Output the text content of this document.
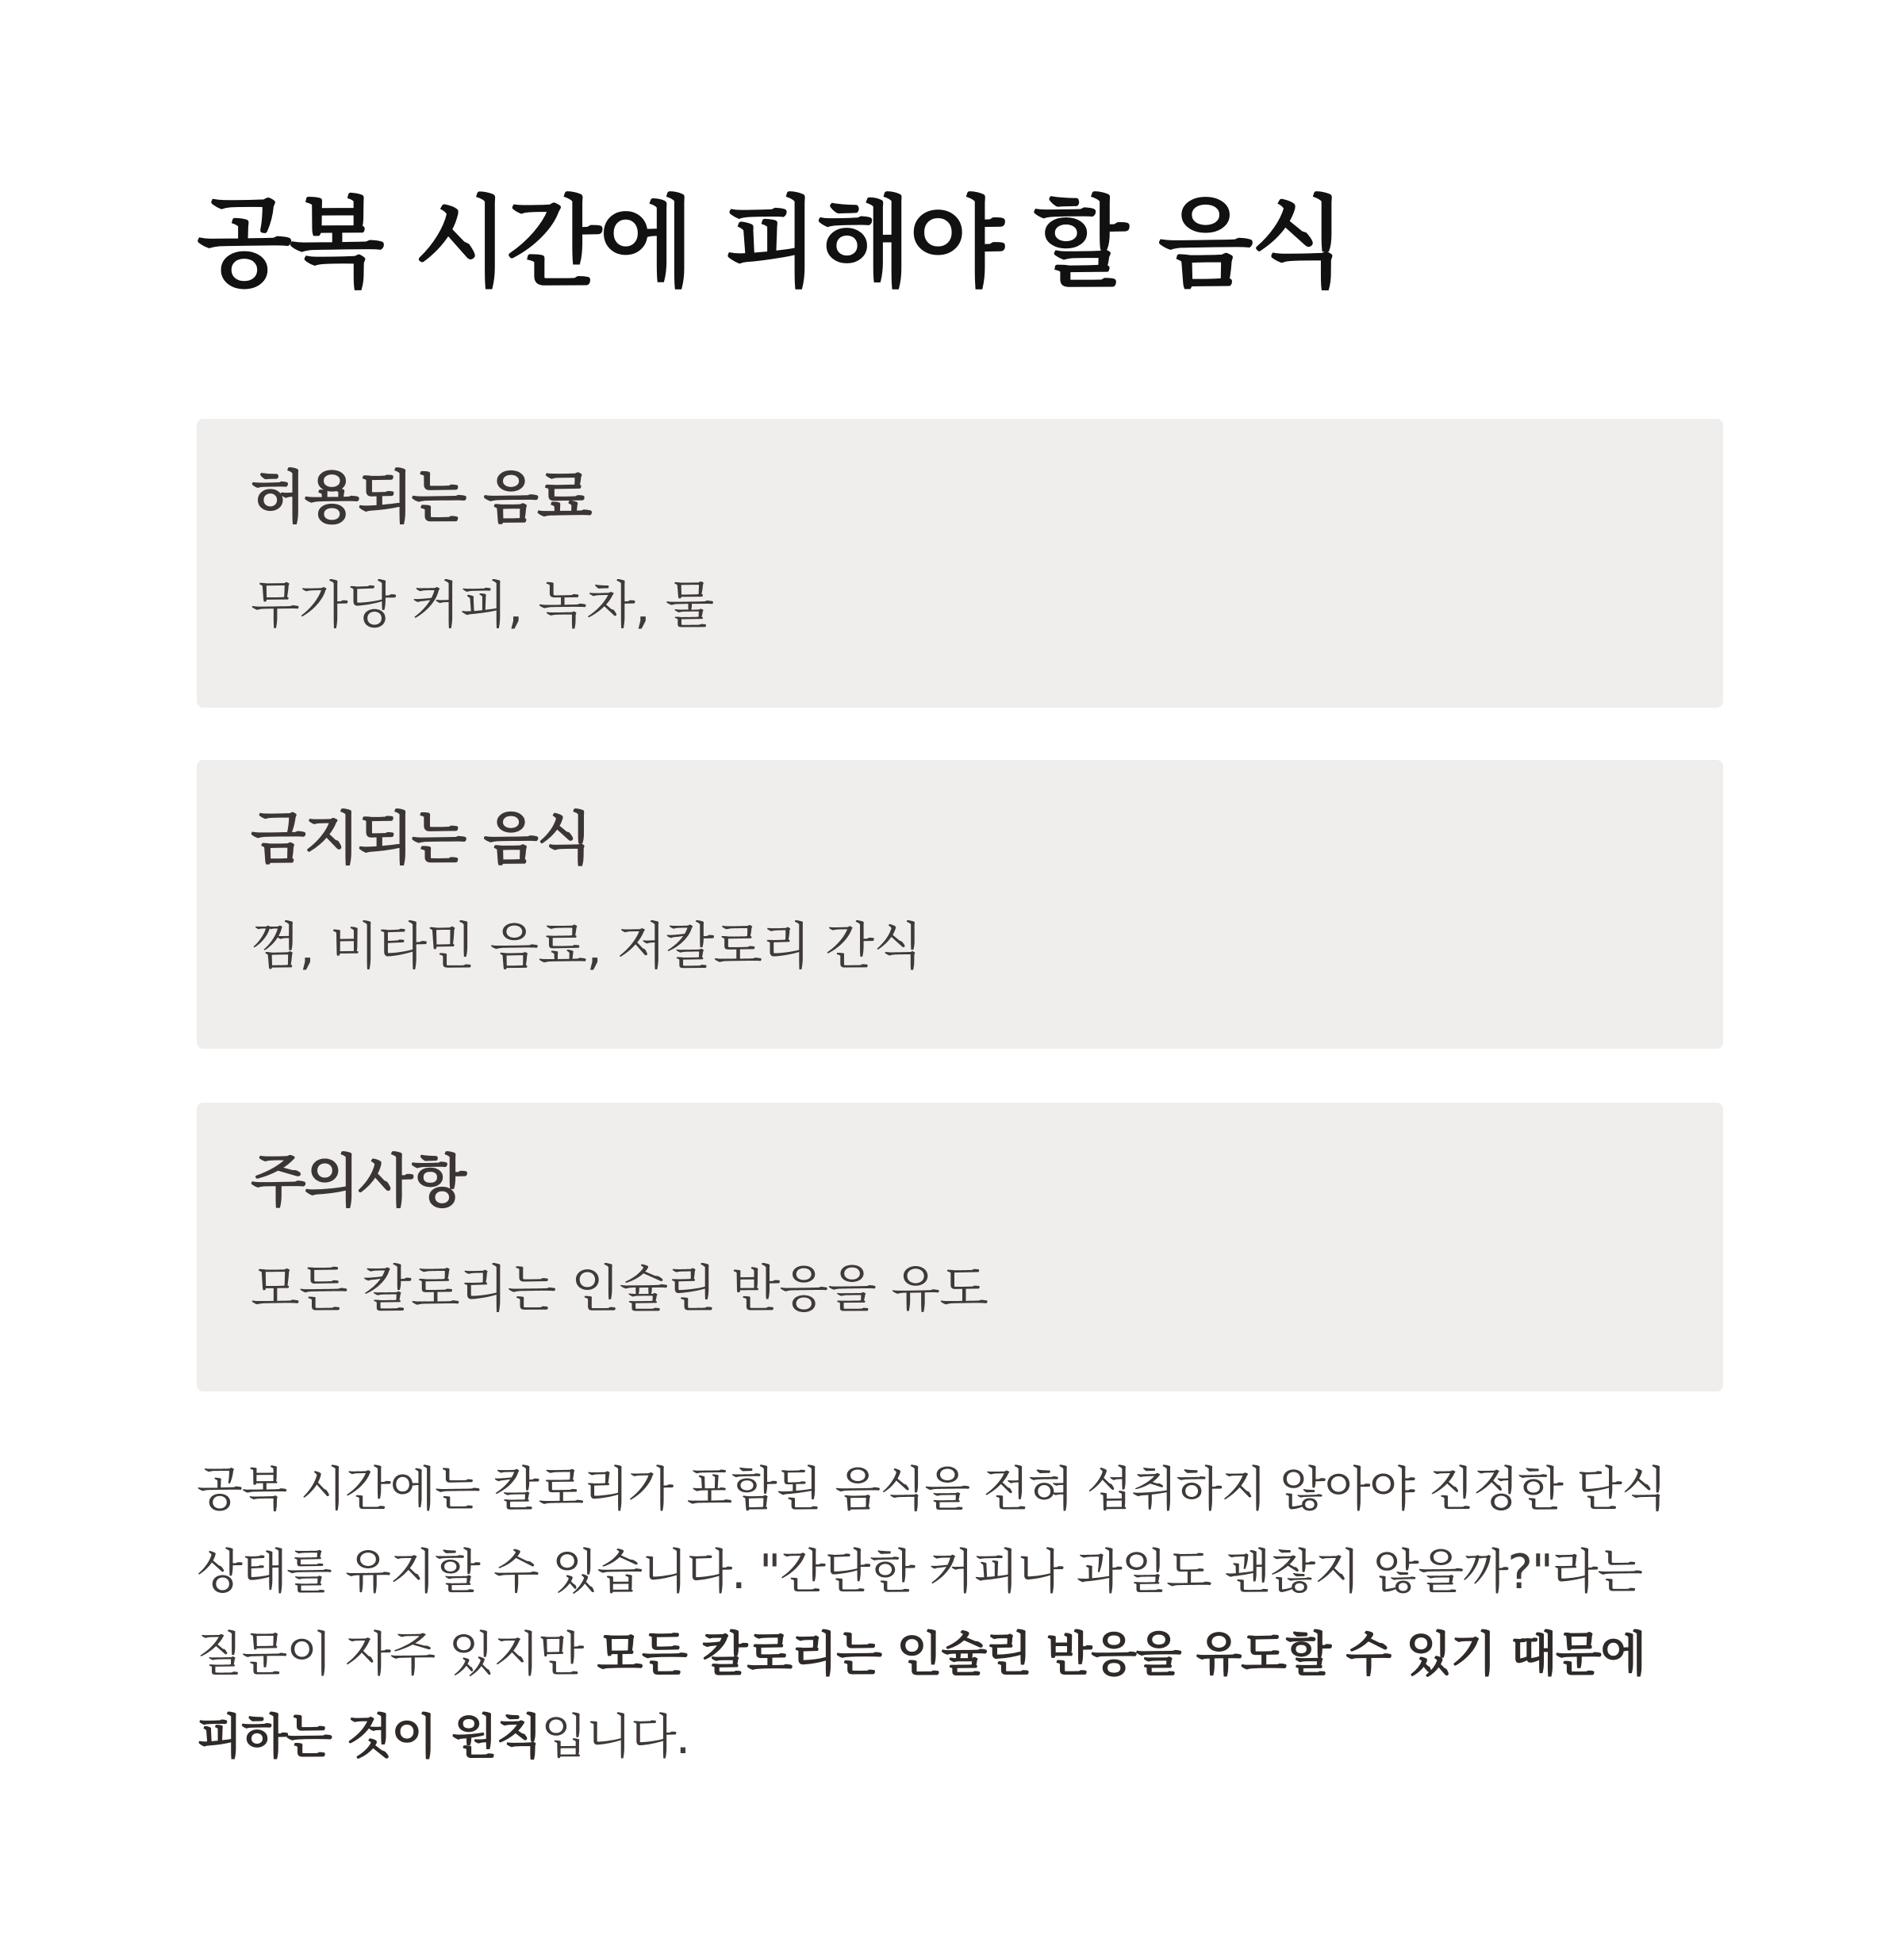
공복 시간에 피해야 할 음식
허용되는 음료

무가당 커피, 녹차, 물

금지되는 음식

껌, 비타민 음료, 저칼로리 간식

주의사항

모든 칼로리는 인슐린 반응을 유도

공복 시간에는 칼로리가 포함된 음식을 전혀 섭취하지 않아야 진정한 단식 상태를 유지할 수 있습니다. "간단한 커피나 과일도 괜찮지 않을까?"라는 질문이 자주 있지만 모든 칼로리는 인슐린 반응을 유도할 수 있기 때문에 피하는 것이 원칙입니다.
